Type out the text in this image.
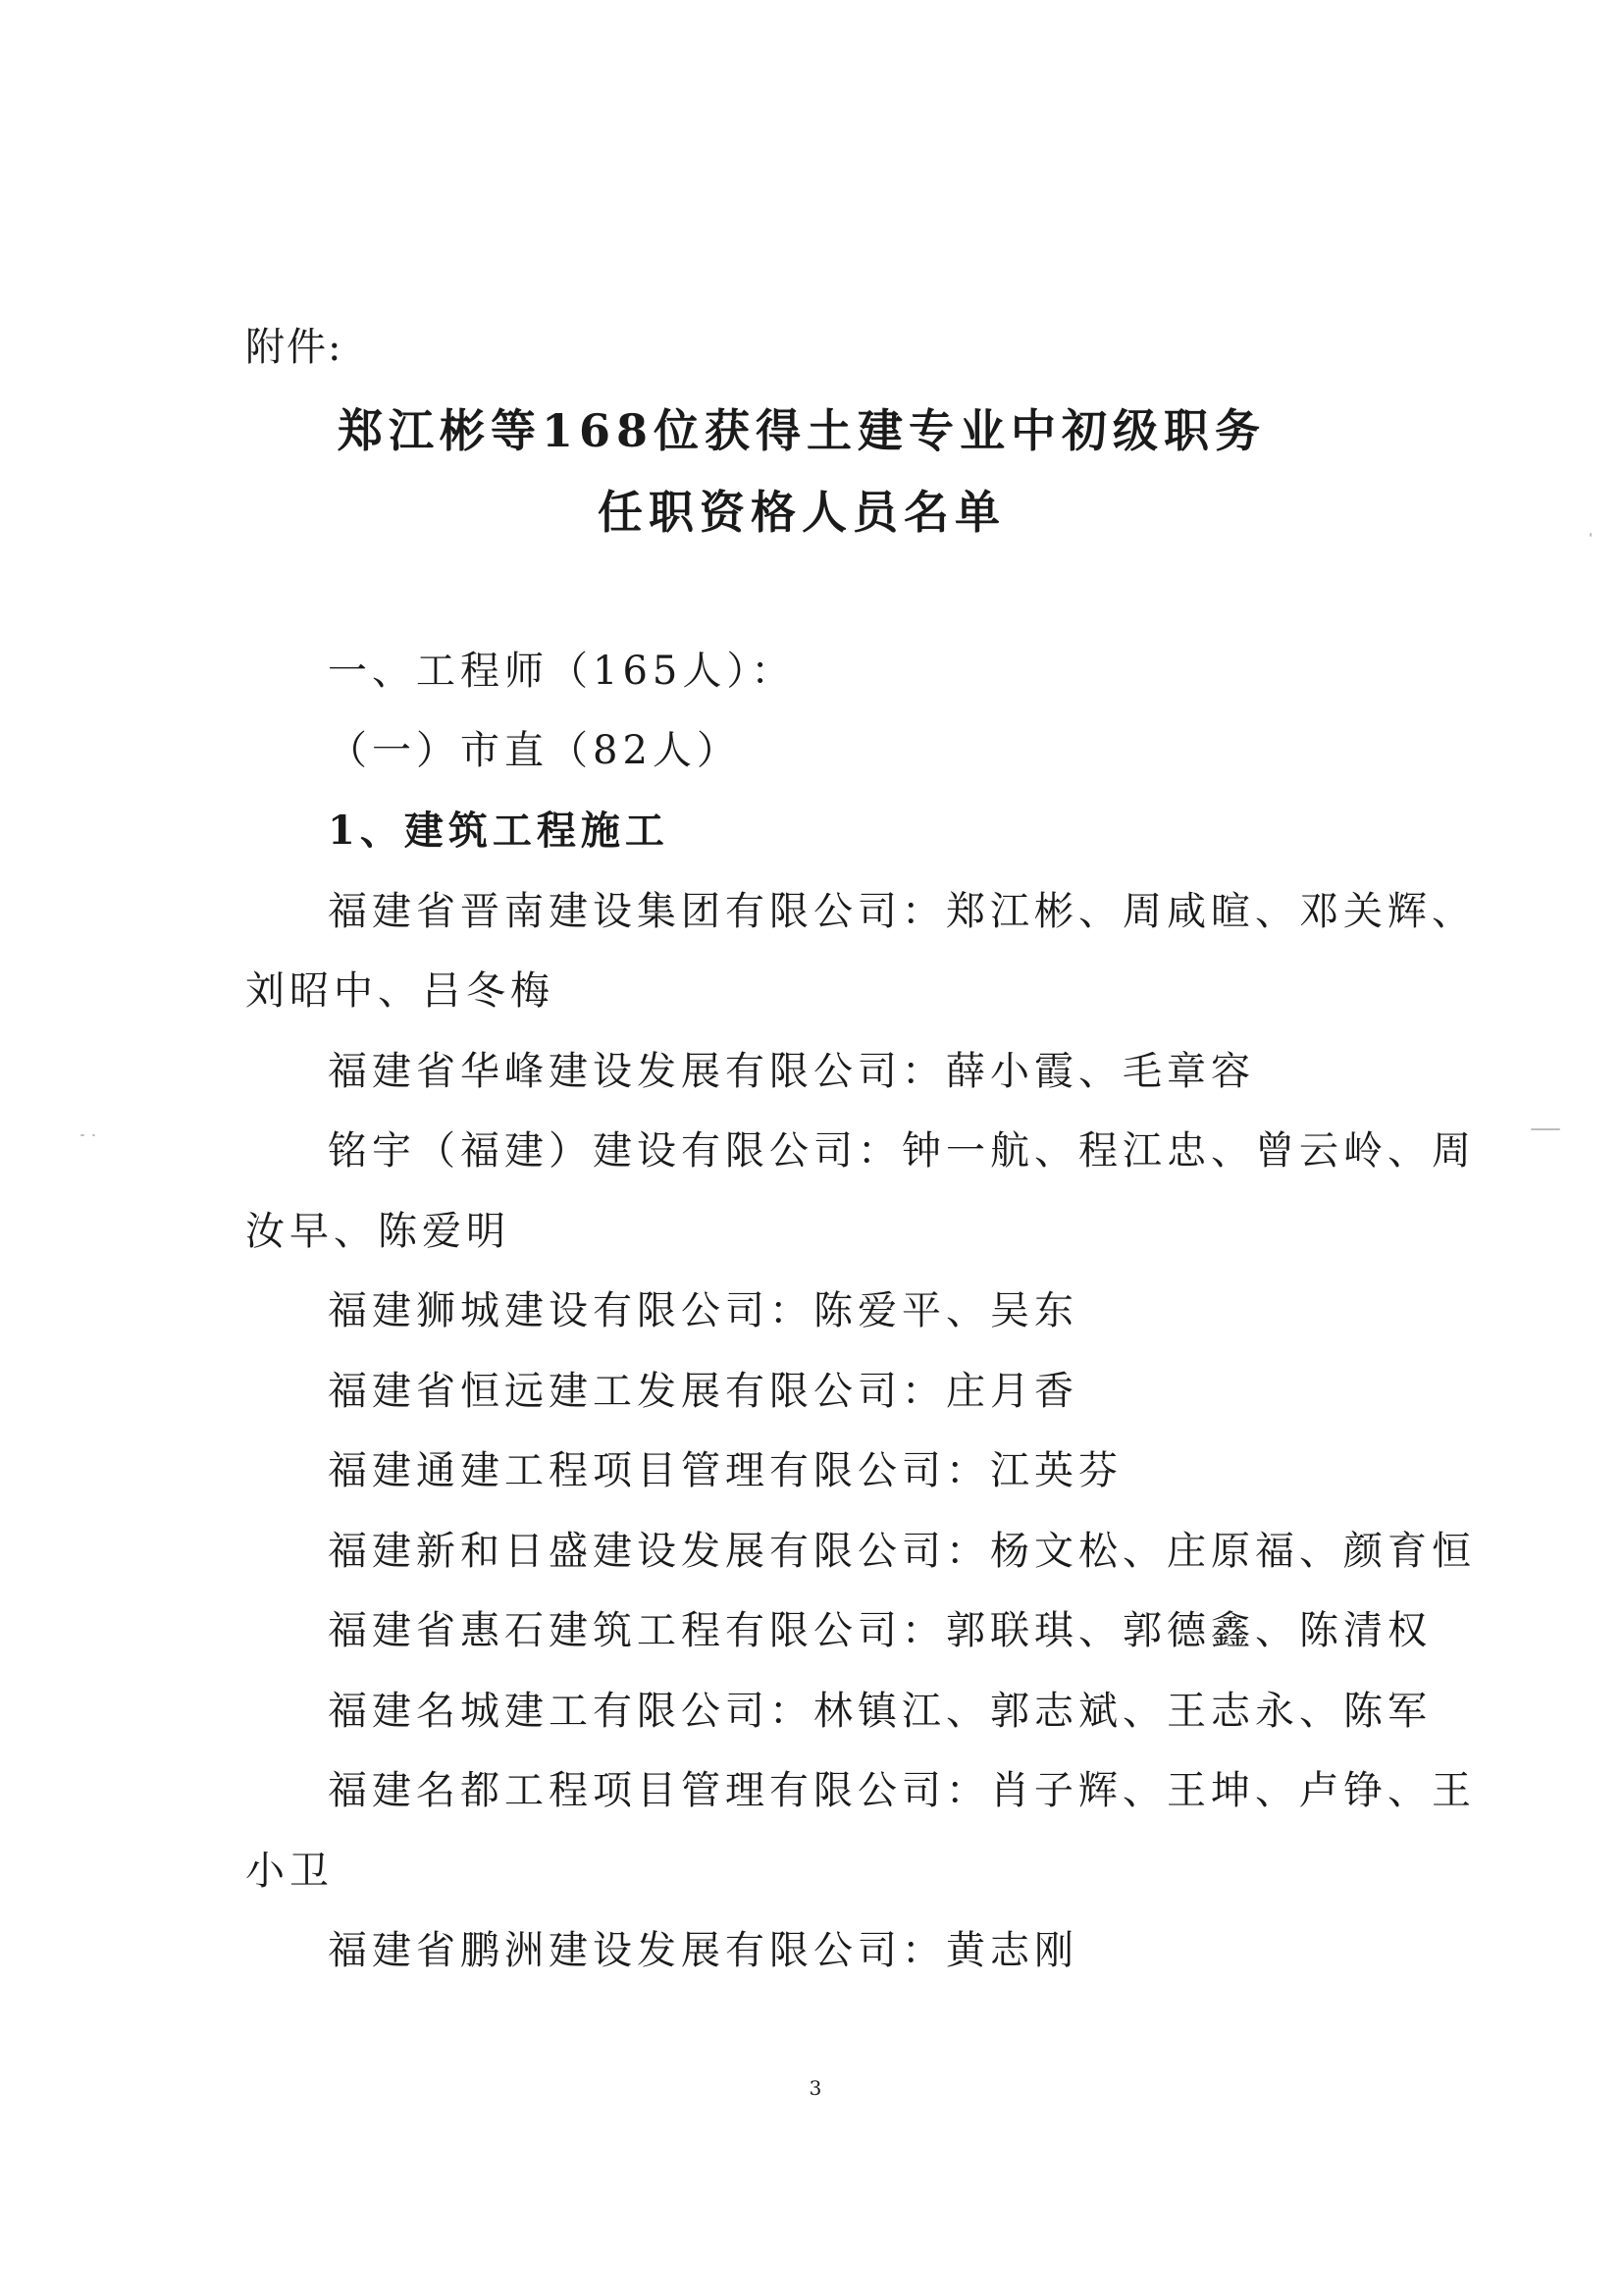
附件:
郑江彬等168位获得土建专业中初级职务
任职资格人员名单
一、工程师（165人）：
（一）市直（82人）
1、建筑工程施工
福建省晋南建设集团有限公司：郑江彬、周咸暄、邓关辉、
刘昭中、吕冬梅
福建省华峰建设发展有限公司：薛小霞、毛章容
铭宇（福建）建设有限公司：钟一航、程江忠、曾云岭、周
汝早、陈爱明
福建狮城建设有限公司：陈爱平、吴东
福建省恒远建工发展有限公司：庄月香
福建通建工程项目管理有限公司：江英芬
福建新和日盛建设发展有限公司：杨文松、庄原福、颜育恒
福建省惠石建筑工程有限公司：郭联琪、郭德鑫、陈清权
福建名城建工有限公司：林镇江、郭志斌、王志永、陈军
福建名都工程项目管理有限公司：肖子辉、王坤、卢铮、王
小卫
福建省鹏洲建设发展有限公司：黄志刚
3
